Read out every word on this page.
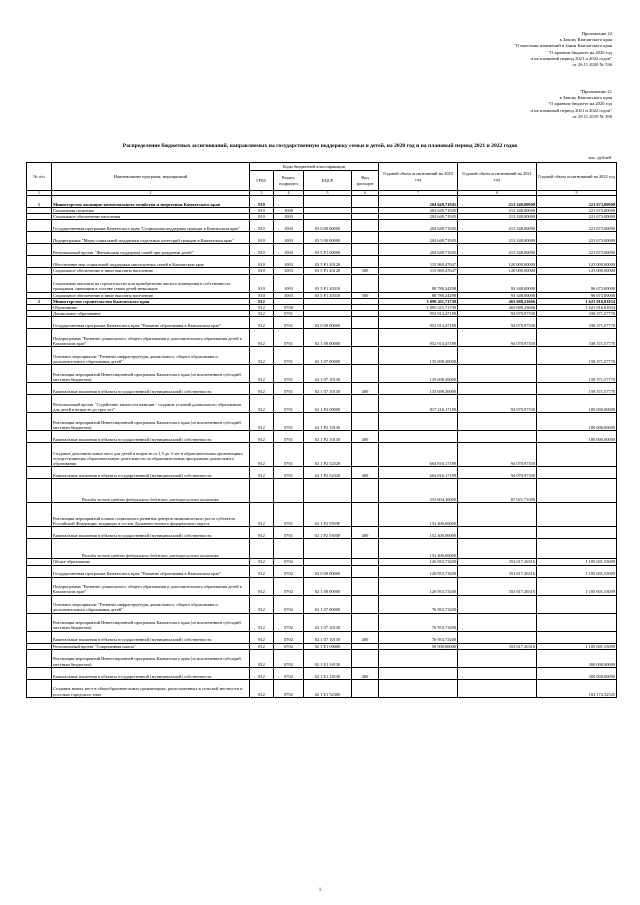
Приложение 22
к Закону Камчатского края
"О внесении изменений в Закон Камчатского края
"О краевом бюджете на 2020 год
и на плановый период 2021 и 2022 годов"
от 26.11.2020 № 536
"Приложение 21
к Закону Камчатского края
"О краевом бюджете на 2020 год
и на плановый период 2021 и 2022 годов"
от 29.11.2019 № 390
Распределение бюджетных ассигнований, направляемых на государственную поддержку семьи и детей, на 2020 год и на плановый период 2021 и 2022 годов
тыс. рублей
№ п/п	Наименование программ, мероприятий	Коды бюджетной классификации				Годовой объем ассигнований на 2020 год	Годовой объем ассигнований на 2021 год	Годовой объем ассигнований на 2022 год
		ГРБС	Раздел, подраздел	КЦСР	Вид расходов			
1	2	3	4	5	6	7	8	9
1	Министерство жилищно-коммунального хозяйства и энергетики Камчатского края	810				204 649,71945	213 348,00000	221 673,00000
	Социальная политика	810	1000			204 649,71945	213 348,00000	221 673,00000
	Социальное обеспечение населения	810	1003			204 649,71945	213 348,00000	221 673,00000
	Государственная программа Камчатского края "Социальная поддержка граждан в Камчатском крае"	810	1003	03 0 00 00000		204 649,71945	213 348,00000	221 673,00000
	Подпрограмма "Меры социальной поддержки отдельных категорий граждан в Камчатском крае"	810	1003	03 5 00 00000		204 649,71945	213 348,00000	221 673,00000
	Региональный проект "Финансовая поддержка семей при рождении детей"	810	1003	03 5 P1 00000		204 649,71945	213 348,00000	221 673,00000
	Обеспечение мер социальной поддержки многодетных семей в Камчатском крае	810	1003	03 5 P1 20120		115 869,47647	120 000,00000	125 000,00000
	Социальное обеспечение и иные выплаты населению	810	1003	03 5 P1 20120	300	115 869,47647	120 000,00000	125 000,00000
	Социальные выплаты на строительство или приобретение жилого помещения в собственность гражданам, имеющим в составе семьи детей-инвалидов	810	1003	03 5 P1 20310		88 780,24298	93 348,00000	96 673,00000
	Социальное обеспечение и иные выплаты населению	810	1003	03 5 P1 20310	300	88 780,24298	93 348,00000	96 673,00000
2	Министерство строительства Камчатского края	812				1 090 411,71739	465 688,23666	1 621 016,81034
	Образование	812	0700			1 090 411,71739	465 688,23666	1 621 016,81034
	Дошкольное образование	812	0701			952 914,47189	94 070,97350	338 371,57770
	Государственная программа Камчатского края "Развитие образования в Камчатском крае"	812	0701	02 0 00 00000		952 914,47189	94 070,97350	338 371,57770
	Подпрограмма "Развитие дошкольного, общего образования и дополнительного образования детей в Камчатском крае"	812	0701	02 1 00 00000		952 914,47189	94 070,97350	338 371,57770
	Основное мероприятие "Развитие инфраструктуры дошкольного, общего образования и дополнительного образования детей"	812	0701	02 1 07 00000		135 698,30000		158 371,57770
	Реализация мероприятий Инвестиционной программы Камчатского края (за исключением субсидий местным бюджетам)	812	0701	02 1 07 10130		135 698,30000		158 371,57770
	Капитальные вложения в объекты государственной (муниципальной) собственности	812	0701	02 1 07 10130	400	135 698,30000		158 371,57770
	Региональный проект "Содействие занятости женщин - создание условий дошкольного образования для детей в возрасте до трех лет"	812	0701	02 1 P2 00000		817 216,17189	94 070,97350	180 000,00000
	Реализация мероприятий Инвестиционной программы Камчатского края (за исключением субсидий местным бюджетам)	812	0701	02 1 P2 10130				180 000,00000
	Капитальные вложения в объекты государственной (муниципальной) собственности	812	0701	02 1 P2 10130	400			180 000,00000
	Создание дополнительных мест для детей в возрасте от 1,5 до 3 лет в образовательных организациях, осуществляющих образовательную деятельность по образовательным программам дошкольного образования	812	0701	02 1 P2 52320		664 816,17189	94 070,97350	
	Капитальные вложения в объекты государственной (муниципальной) собственности	812	0701	02 1 P2 52320	400	664 816,17189	94 070,97350	
	Расходы за счет средств федерального бюджета, имеющих целевое назначение					233 604,30000	87 021,71000	
	Реализация мероприятий планов социального развития центров экономического роста субъектов Российской Федерации, входящих в состав Дальневосточного федерального округа	812	0701	02 1 P2 5505F		152 400,00000		
	Капитальные вложения в объекты государственной (муниципальной) собственности	812	0701	02 1 P2 5505F	400	152 400,00000		
	Расходы за счет средств федерального бюджета, имеющих целевое назначение					152 400,00000		
	Общее образование	812	0702			126 953,73200	353 617,26316	1 185 601,53009
	Государственная программа Камчатского края "Развитие образования в Камчатском крае"	812	0702	02 0 00 00000		126 953,73200	353 617,26316	1 185 601,53009
	Подпрограмма "Развитие дошкольного, общего образования и дополнительного образования детей в Камчатском крае"	812	0702	02 1 00 00000		126 953,73200	353 617,26316	1 185 601,53009
	Основное мероприятие "Развитие инфраструктуры дошкольного, общего образования и дополнительного образования детей"	812	0702	02 1 07 00000		76 953,73200		
	Реализация мероприятий Инвестиционной программы Камчатского края (за исключением субсидий местным бюджетам)	812	0702	02 1 07 10130		76 953,73200		
	Капитальные вложения в объекты государственной (муниципальной) собственности	812	0702	02 1 07 10130	400	76 953,73200		
	Региональный проект "Современная школа"	812	0702	02 1 E1 00000		50 000,00000	353 617,26316	1 185 601,53009
	Реализация мероприятий Инвестиционной программы Камчатского края (за исключением субсидий местным бюджетам)	812	0702	02 1 E1 10130				300 000,00000
	Капитальные вложения в объекты государственной (муниципальной) собственности	812	0702	02 1 E1 10130	400			300 000,00000
	Создание новых мест в общеобразовательных организациях, расположенных в сельской местности и поселках городского типа	812	0702	02 1 E1 52300				104 172,52525
1
